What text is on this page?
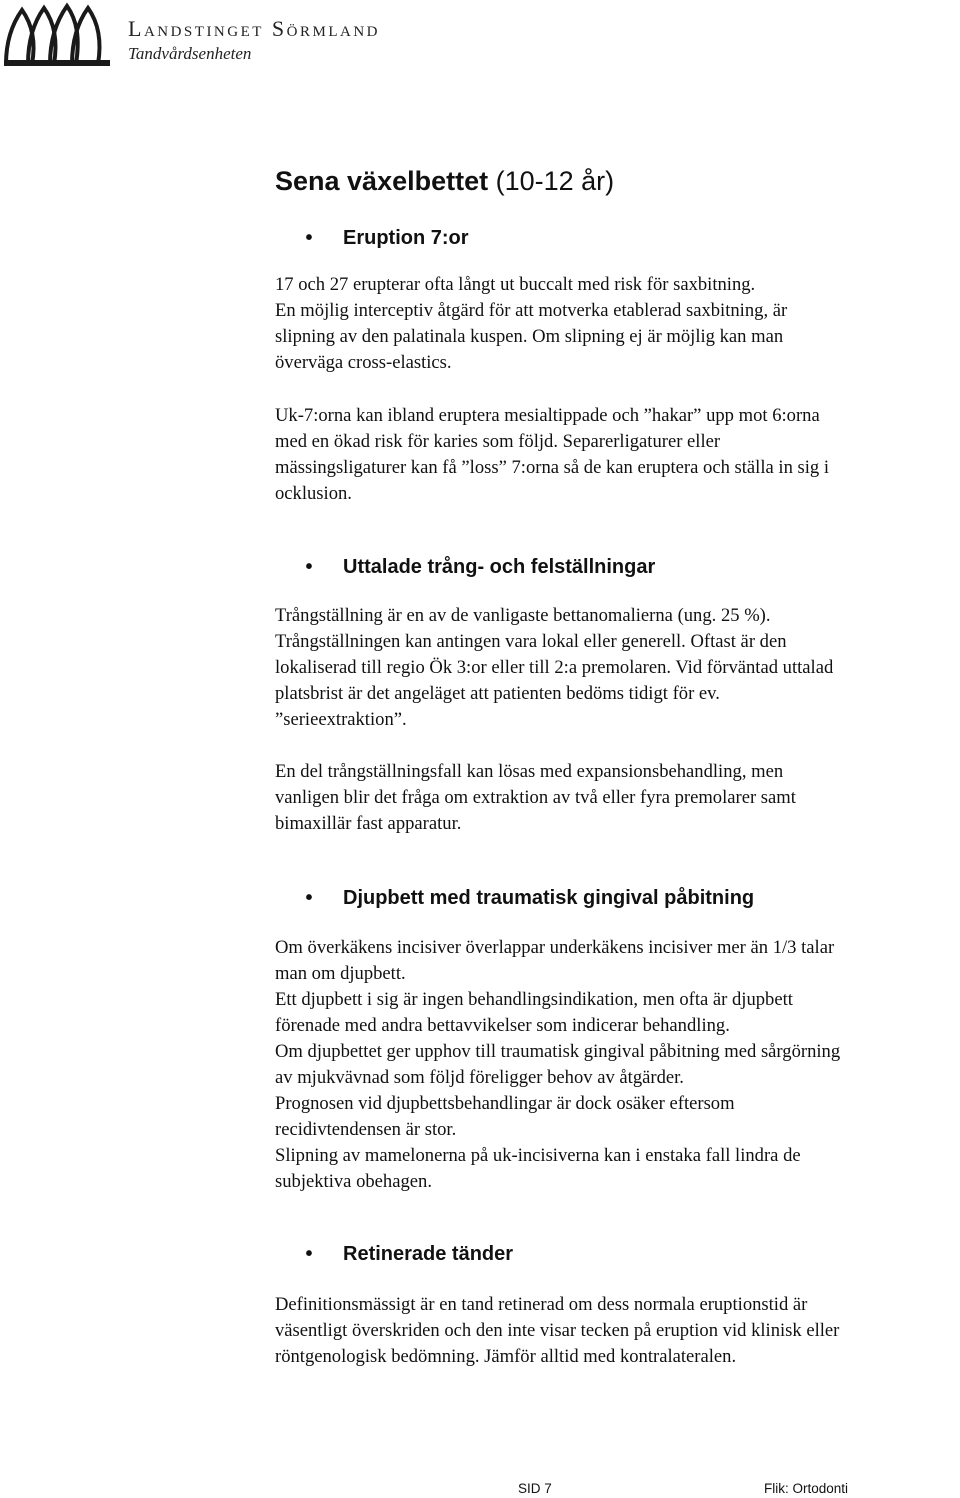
Landstinget Sörmland
Tandvårdsenheten
Sena växelbettet (10-12 år)
• Eruption 7:or
17 och 27 erupterar ofta långt ut buccalt med risk för saxbitning.
En möjlig interceptiv åtgärd för att motverka etablerad saxbitning, är
slipning av den palatinala kuspen. Om slipning ej är möjlig kan man
överväga cross-elastics.
Uk-7:orna kan ibland eruptera mesialtippade och ”hakar” upp mot 6:orna
med en ökad risk för karies som följd. Separerligaturer eller
mässingsligaturer kan få ”loss” 7:orna så de kan eruptera och ställa in sig i
ocklusion.
• Uttalade trång- och felställningar
Trångställning är en av de vanligaste bettanomalierna (ung. 25 %).
Trångställningen kan antingen vara lokal eller generell. Oftast är den
lokaliserad till regio Ök 3:or eller till 2:a premolaren. Vid förväntad uttalad
platsbrist är det angeläget att patienten bedöms tidigt för ev.
”serieextraktion”.
En del trångställningsfall kan lösas med expansionsbehandling, men
vanligen blir det fråga om extraktion av två eller fyra premolarer samt
bimaxillär fast apparatur.
• Djupbett med traumatisk gingival påbitning
Om överkäkens incisiver överlappar underkäkens incisiver mer än 1/3 talar
man om djupbett.
Ett djupbett i sig är ingen behandlingsindikation, men ofta är djupbett
förenade med andra bettavvikelser som indicerar behandling.
Om djupbettet ger upphov till traumatisk gingival påbitning med sårgörning
av mjukvävnad som följd föreligger behov av åtgärder.
Prognosen vid djupbettsbehandlingar är dock osäker eftersom
recidivtendensen är stor.
Slipning av mamelonerna på uk-incisiverna kan i enstaka fall lindra de
subjektiva obehagen.
• Retinerade tänder
Definitionsmässigt är en tand retinerad om dess normala eruptionstid är
väsentligt överskriden och den inte visar tecken på eruption vid klinisk eller
röntgenologisk bedömning. Jämför alltid med kontralateralen.
SID 7	Flik: Ortodonti
